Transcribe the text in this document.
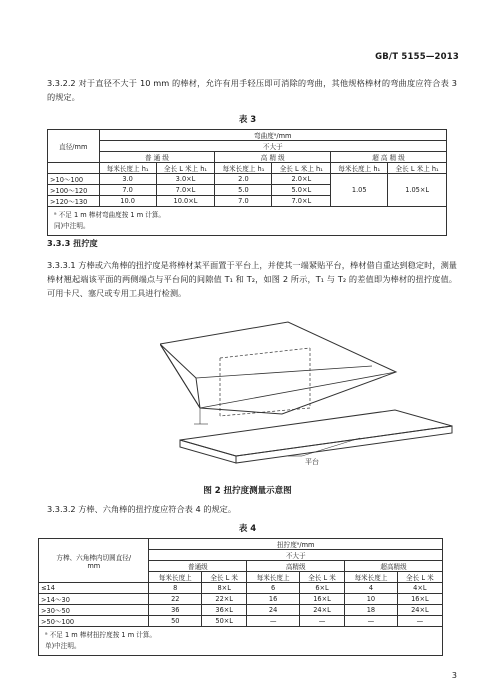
GB/T 5155—2013
3.3.2.2 对于直径不大于 10 mm 的棒材，允许有用手轻压即可消除的弯曲，其他规格棒材的弯曲度应符合表 3 的规定。
表 3
直径/mm	弯曲度ᵃ/mm					
	不大于					
	普 通 级		高 精 级		超 高 精 级	
	每米长度上 h₁	全长 L 米上 h₁	每米长度上 h₁	全长 L 米上 h₁	每米长度上 h₁	全长 L 米上 h₁
>10～100	3.0	3.0×L	2.0	2.0×L	1.05	1.05×L
>100～120	7.0	7.0×L	5.0	5.0×L		
>120～130	10.0	10.0×L	7.0	7.0×L		

ᵃ 不足 1 m 棒材弯曲度按 1 m 计算。
同)中注明。						
3.3.3 扭拧度
3.3.3.1 方棒或六角棒的扭拧度是将棒材某平面置于平台上，并使其一端紧贴平台，棒材借自重达到稳定时，测量棒材翘起端该平面的两侧端点与平台间的间隙值 T₁ 和 T₂，如图 2 所示，T₁ 与 T₂ 的差值即为棒材的扭拧度值。可用卡尺、塞尺或专用工具进行检测。
平台
图 2 扭拧度测量示意图
3.3.3.2 方棒、六角棒的扭拧度应符合表 4 的规定。
表 4
方棒、六角棒内切圆直径/
mm	扭拧度ᵃ/mm					
	不大于					
	普通级		高精级		超高精级	
	每米长度上	全长 L 米	每米长度上	全长 L 米	每米长度上	全长 L 米
≤14	8	8×L	6	6×L	4	4×L
>14～30	22	22×L	16	16×L	10	16×L
>30～50	36	36×L	24	24×L	18	24×L
>50～100	50	50×L	—	—	—	—

ᵃ 不足 1 m 棒材扭拧度按 1 m 计算。
单)中注明。						
3
